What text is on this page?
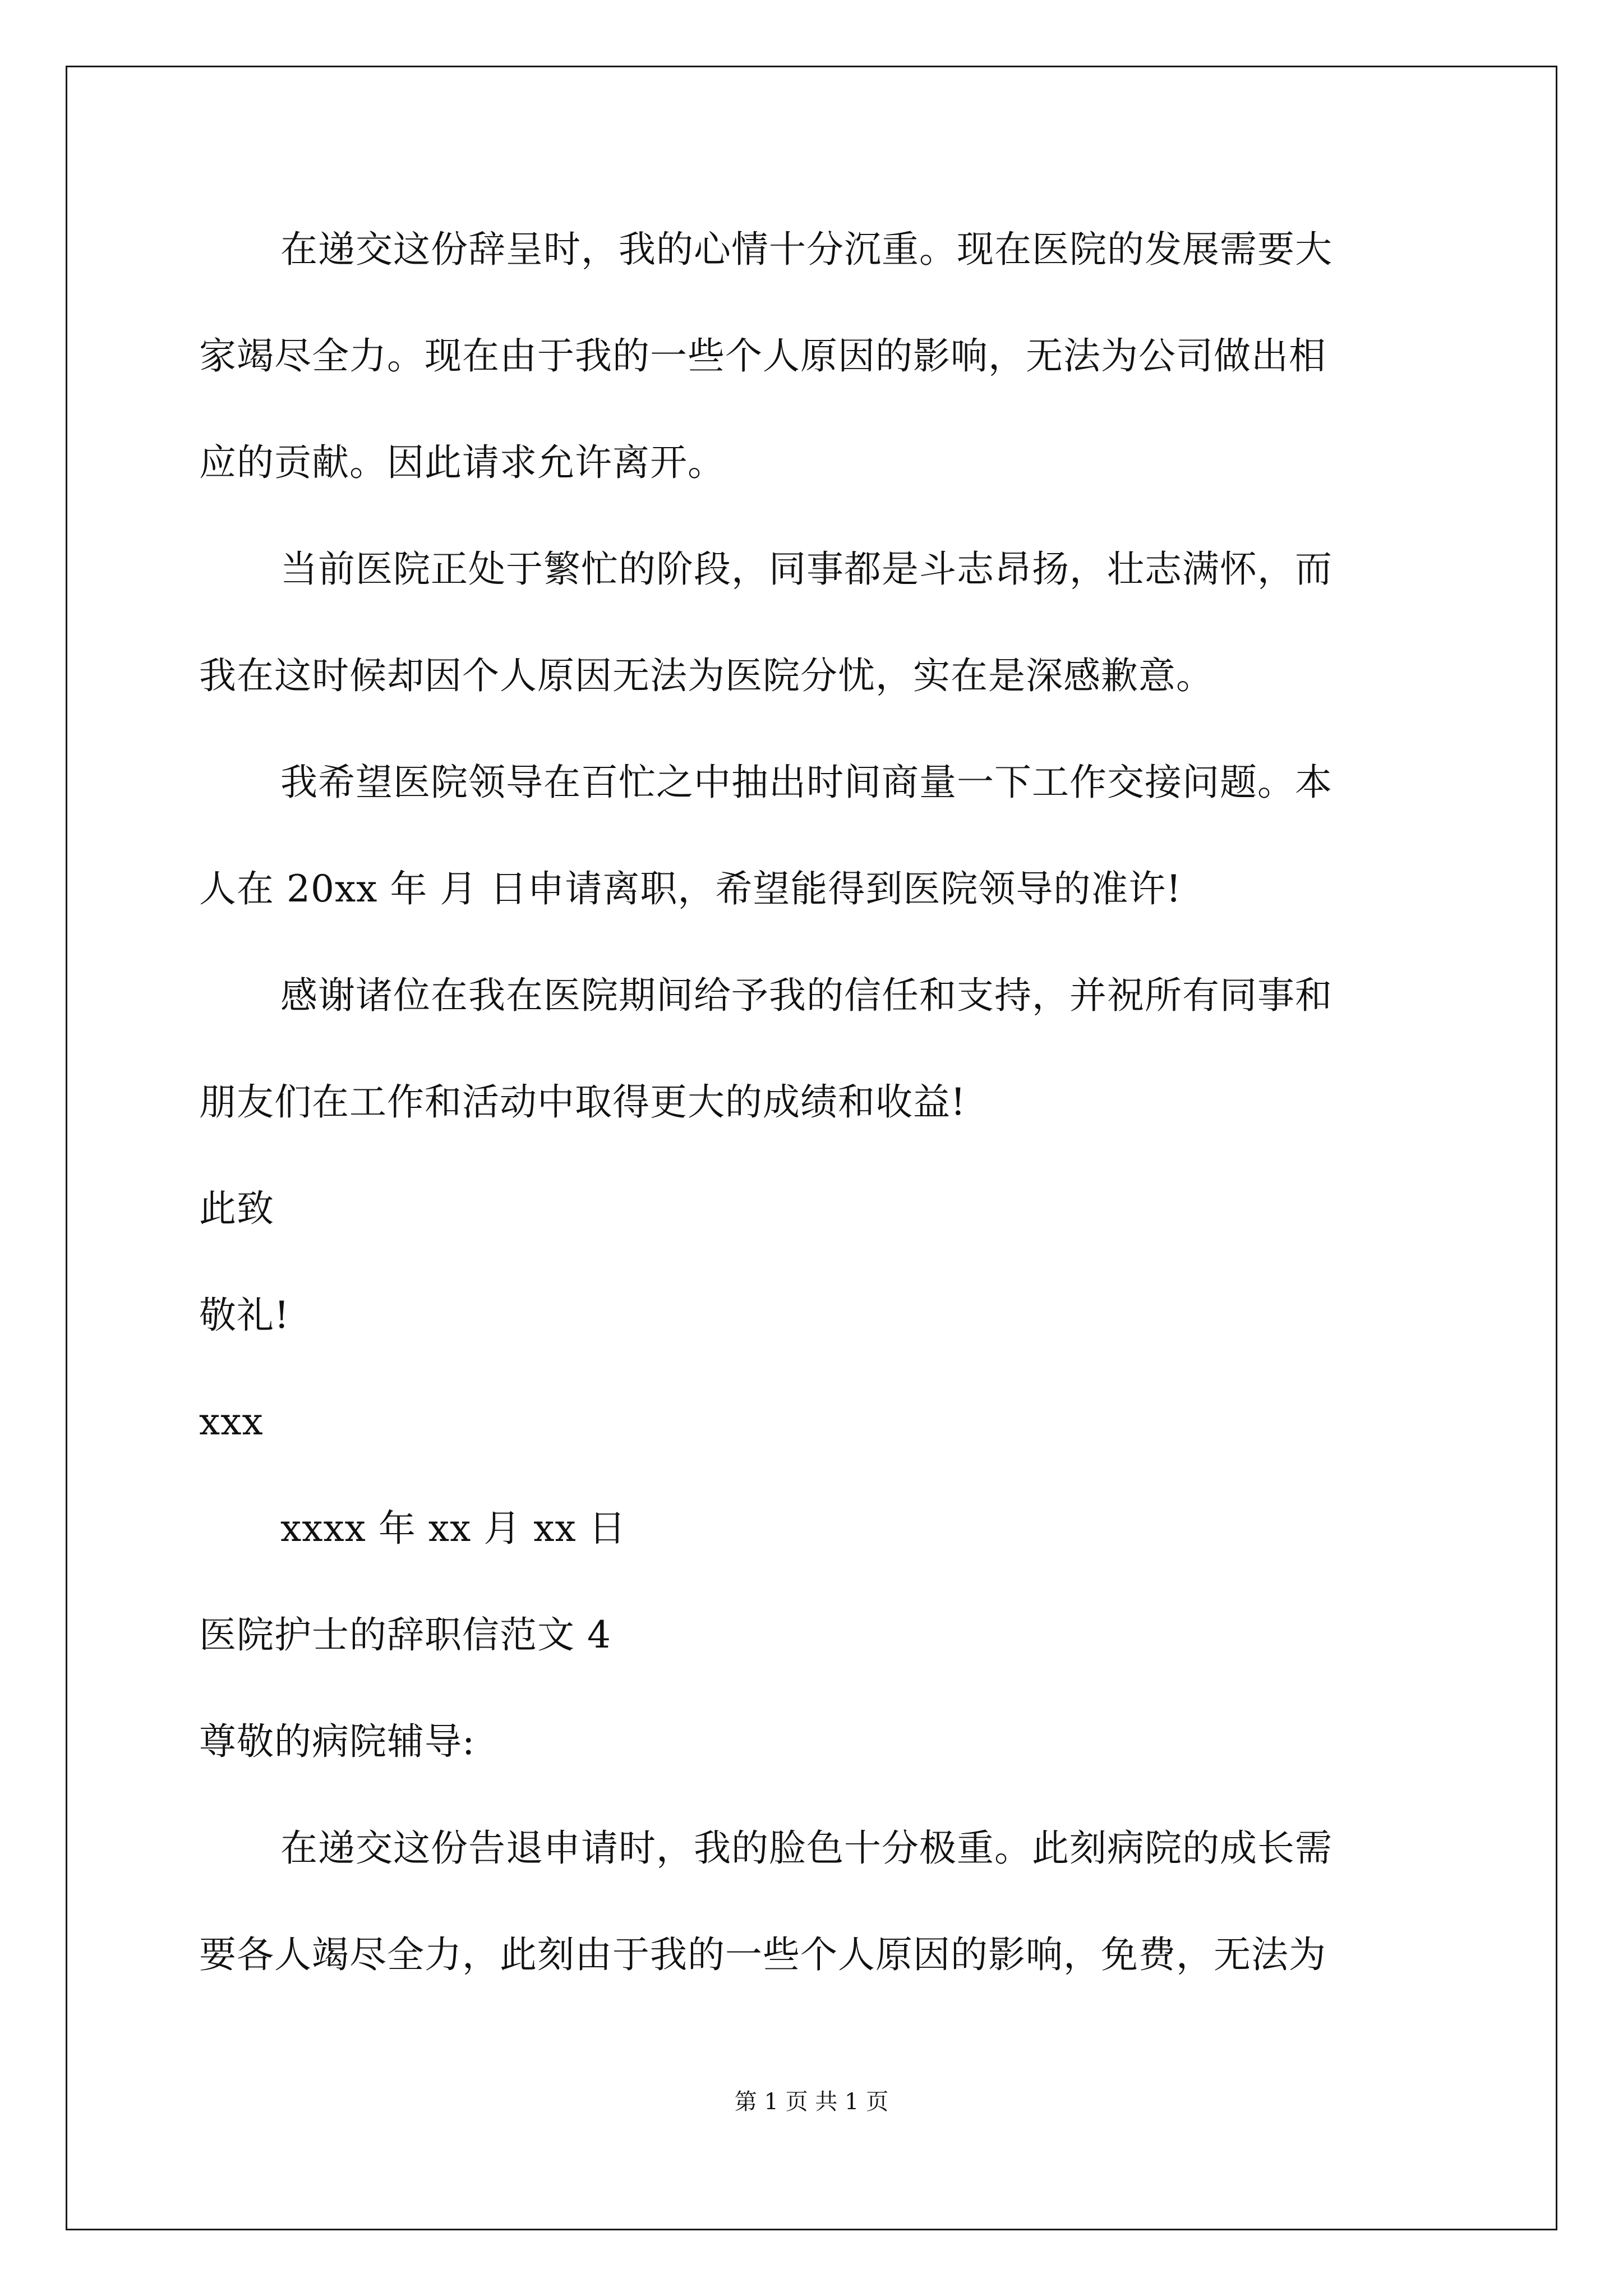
在递交这份辞呈时，我的心情十分沉重。现在医院的发展需要大
家竭尽全力。现在由于我的一些个人原因的影响，无法为公司做出相
应的贡献。因此请求允许离开。
当前医院正处于繁忙的阶段，同事都是斗志昂扬，壮志满怀，而
我在这时候却因个人原因无法为医院分忧，实在是深感歉意。
我希望医院领导在百忙之中抽出时间商量一下工作交接问题。本
人在 20xx 年 月 日申请离职，希望能得到医院领导的准许!
感谢诸位在我在医院期间给予我的信任和支持，并祝所有同事和
朋友们在工作和活动中取得更大的成绩和收益!
此致
敬礼!
xxx
xxxx 年 xx 月 xx 日
医院护士的辞职信范文 4
尊敬的病院辅导:
在递交这份告退申请时，我的脸色十分极重。此刻病院的成长需
要各人竭尽全力，此刻由于我的一些个人原因的影响，免费，无法为
第 1 页 共 1 页
